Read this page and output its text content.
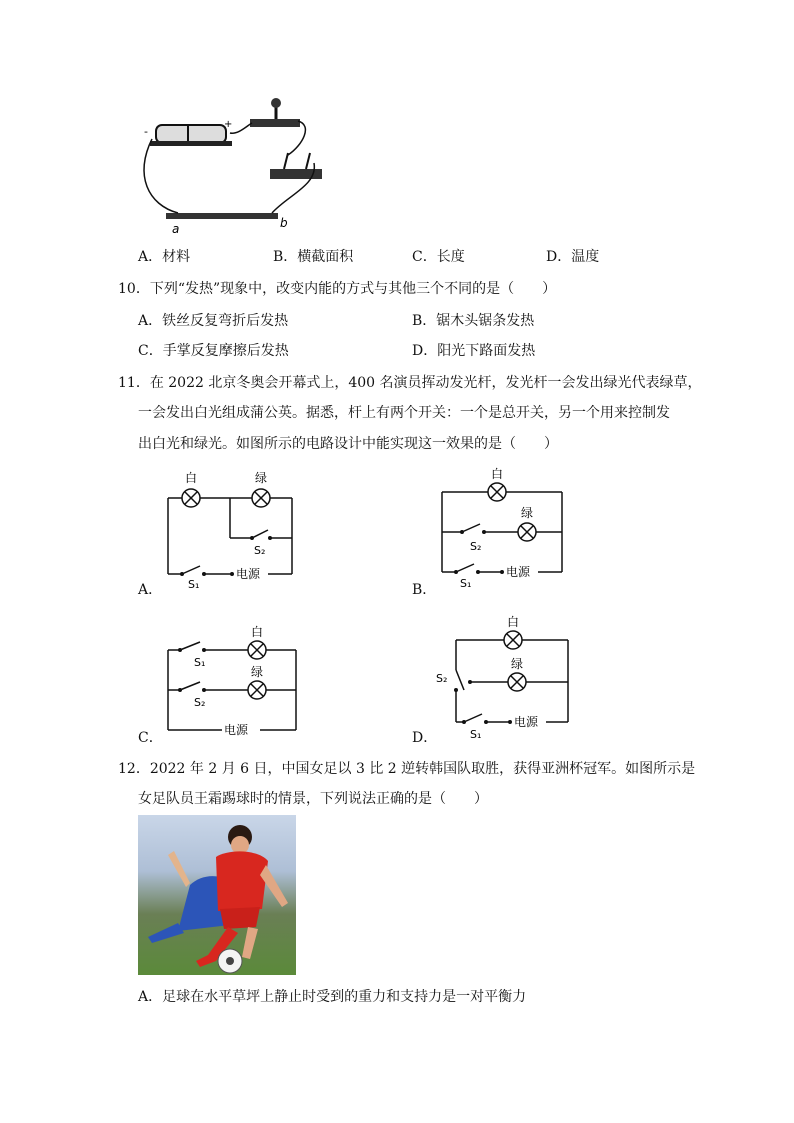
-
+
a	b
A．材料	B．横截面积	C．长度	D．温度
10．下列“发热”现象中，改变内能的方式与其他三个不同的是（　　）
A．铁丝反复弯折后发热	B．锯木头锯条发热
C．手掌反复摩擦后发热	D．阳光下路面发热
11．在 2022 北京冬奥会开幕式上，400 名演员挥动发光杆，发光杆一会发出绿光代表绿草，
一会发出白光组成蒲公英。据悉，杆上有两个开关：一个是总开关，另一个用来控制发
出白光和绿光。如图所示的电路设计中能实现这一效果的是（　　）
白	绿
S₂
S₁
电源
A．
白
绿
S₂
S₁
电源
B．
白
绿
S₁
S₂
电源
C．
白
绿
S₂
S₁
电源
D．
12．2022 年 2 月 6 日，中国女足以 3 比 2 逆转韩国队取胜，获得亚洲杯冠军。如图所示是
女足队员王霜踢球时的情景，下列说法正确的是（　　）
A．足球在水平草坪上静止时受到的重力和支持力是一对平衡力
